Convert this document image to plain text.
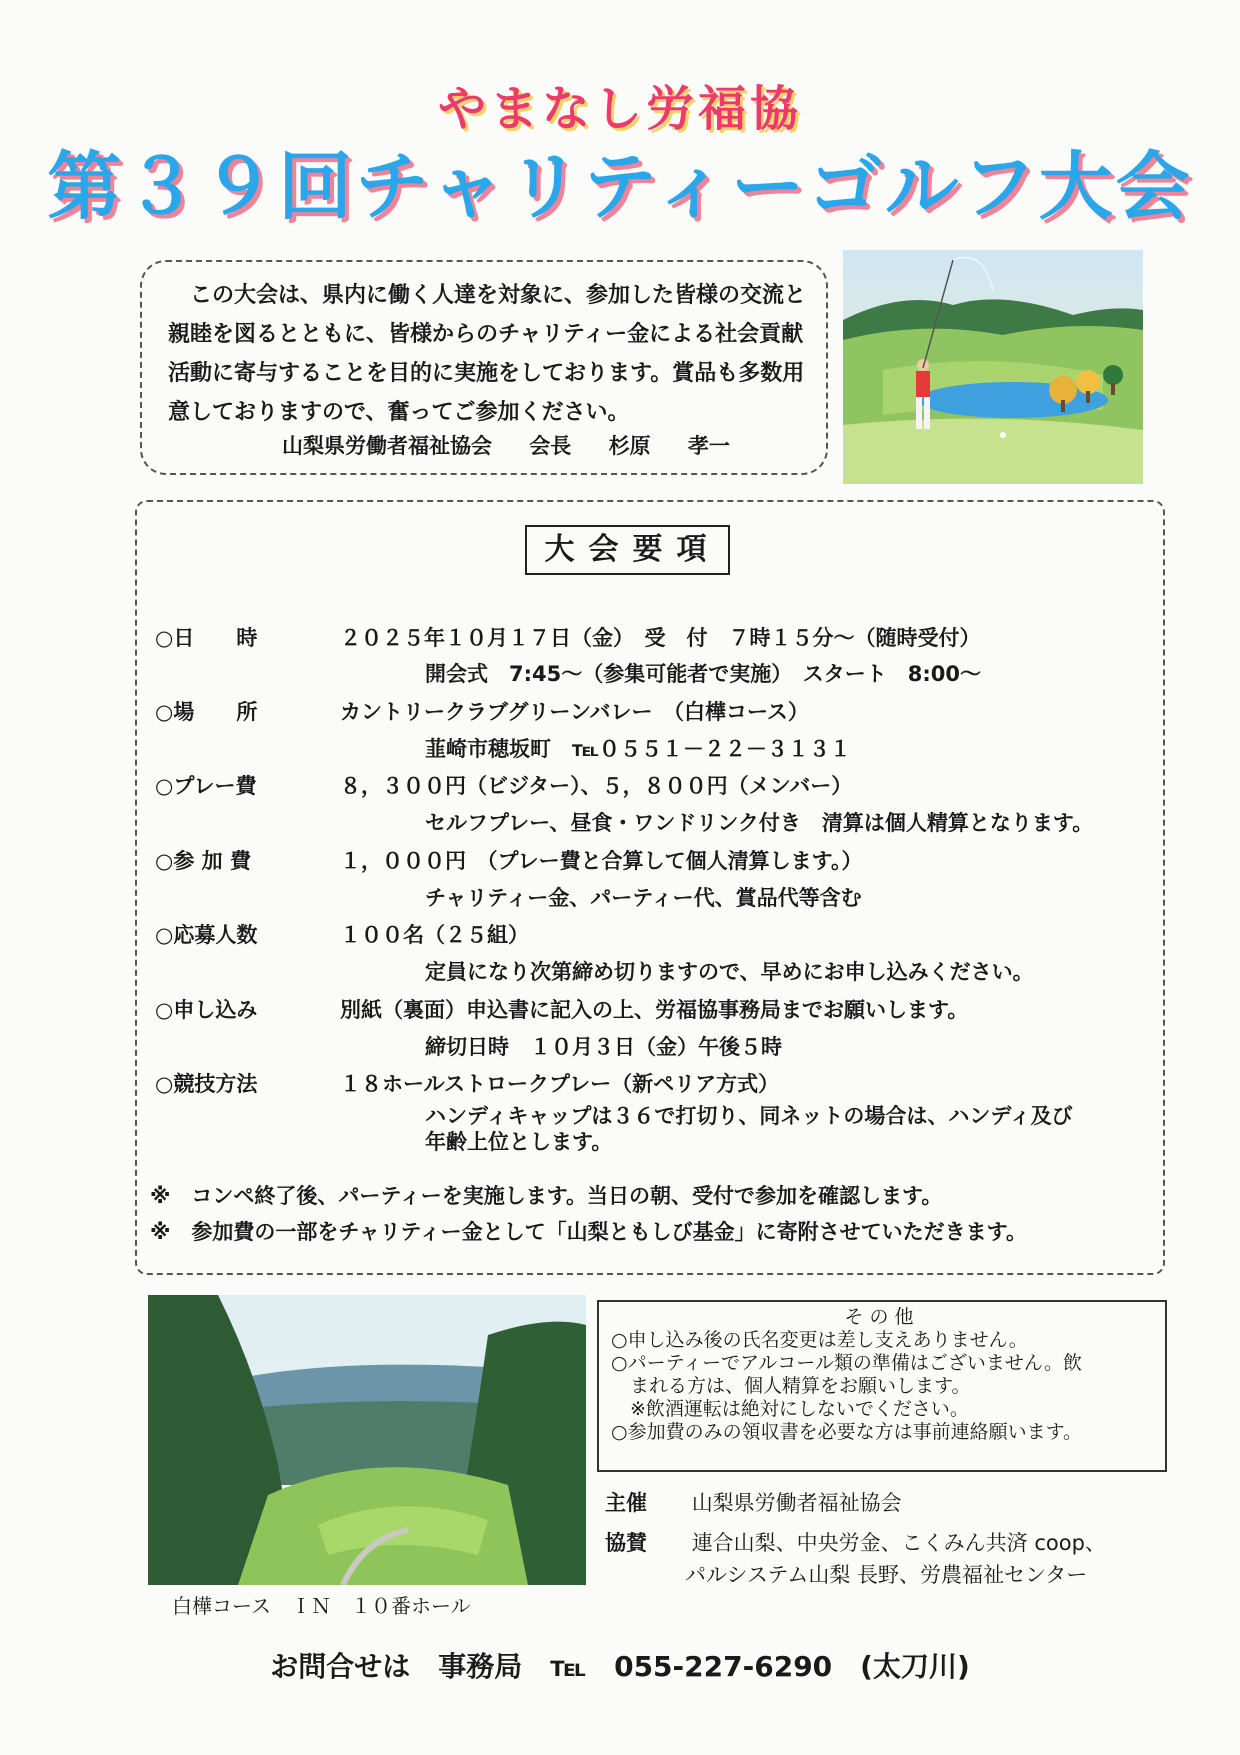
やまなし労福協
第３９回チャリティーゴルフ大会
この大会は、県内に働く人達を対象に、参加した皆様の交流と親睦を図るとともに、皆様からのチャリティー金による社会貢献活動に寄与することを目的に実施をしております。賞品も多数用意しておりますので、奮ってご参加ください。
山梨県労働者福祉協会 会長 杉原 孝一
大会要項
○日　　時	２０２５年１０月１７日（金）　受　付　７時１５分～（随時受付）
開会式　7:45～（参集可能者で実施）　スタート　8:00～
○場　　所	カントリークラブグリーンバレー　（白樺コース）
韮崎市穂坂町　℡０５５１－２２－３１３１
○プレー費	８，３００円（ビジター）、５，８００円（メンバー）
セルフプレー、昼食・ワンドリンク付き　清算は個人精算となります。
○参 加 費	１，０００円　（プレー費と合算して個人清算します。）
チャリティー金、パーティー代、賞品代等含む
○応募人数	１００名（２５組）
定員になり次第締め切りますので、早めにお申し込みください。
○申し込み	別紙（裏面）申込書に記入の上、労福協事務局までお願いします。
締切日時　１０月３日（金）午後５時
○競技方法	１８ホールストロークプレー（新ペリア方式）
ハンディキャップは３６で打切り、同ネットの場合は、ハンディ及び
年齢上位とします。
※　コンペ終了後、パーティーを実施します。当日の朝、受付で参加を確認します。
※　参加費の一部をチャリティー金として「山梨ともしび基金」に寄附させていただきます。
白樺コース　ＩＮ　１０番ホール
その他
○申し込み後の氏名変更は差し支えありません。
○パーティーでアルコール類の準備はございません。飲
　まれる方は、個人精算をお願いします。
　※飲酒運転は絶対にしないでください。
○参加費のみの領収書を必要な方は事前連絡願います。
主催 山梨県労働者福祉協会
協賛 連合山梨、中央労金、こくみん共済 coop、
パルシステム山梨 長野、労農福祉センター
お問合せは　事務局　℡　055-227-6290　(太刀川)
